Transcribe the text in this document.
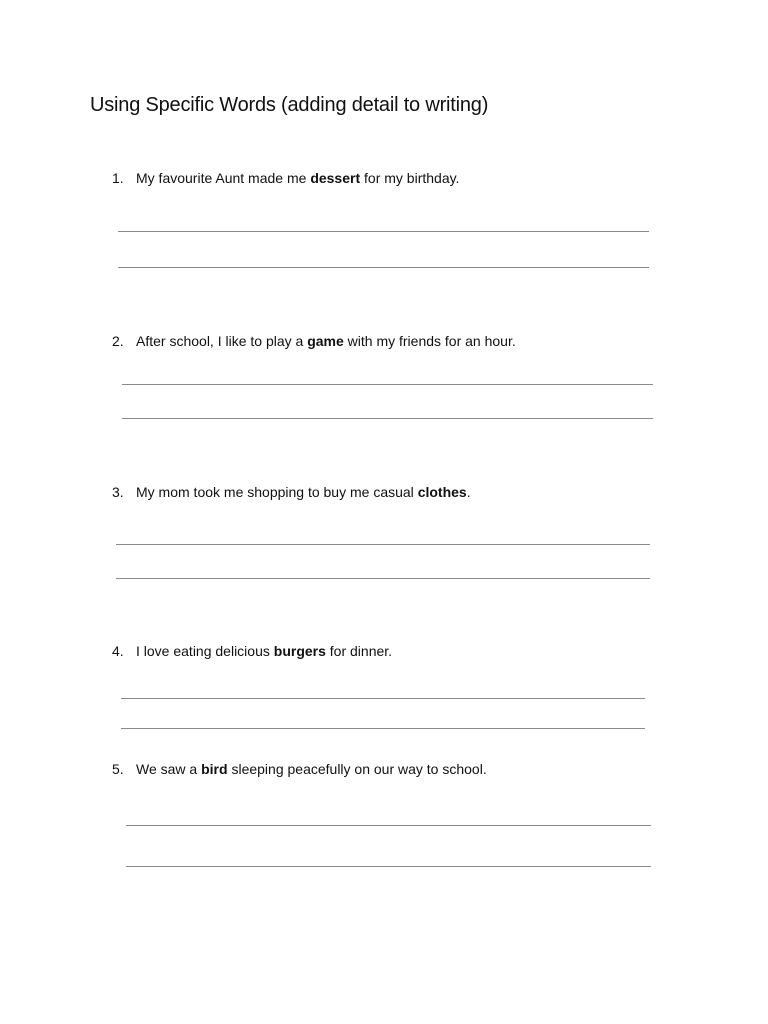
Using Specific Words (adding detail to writing)
1. My favourite Aunt made me dessert for my birthday.
2. After school, I like to play a game with my friends for an hour.
3. My mom took me shopping to buy me casual clothes.
4. I love eating delicious burgers for dinner.
5. We saw a bird sleeping peacefully on our way to school.
